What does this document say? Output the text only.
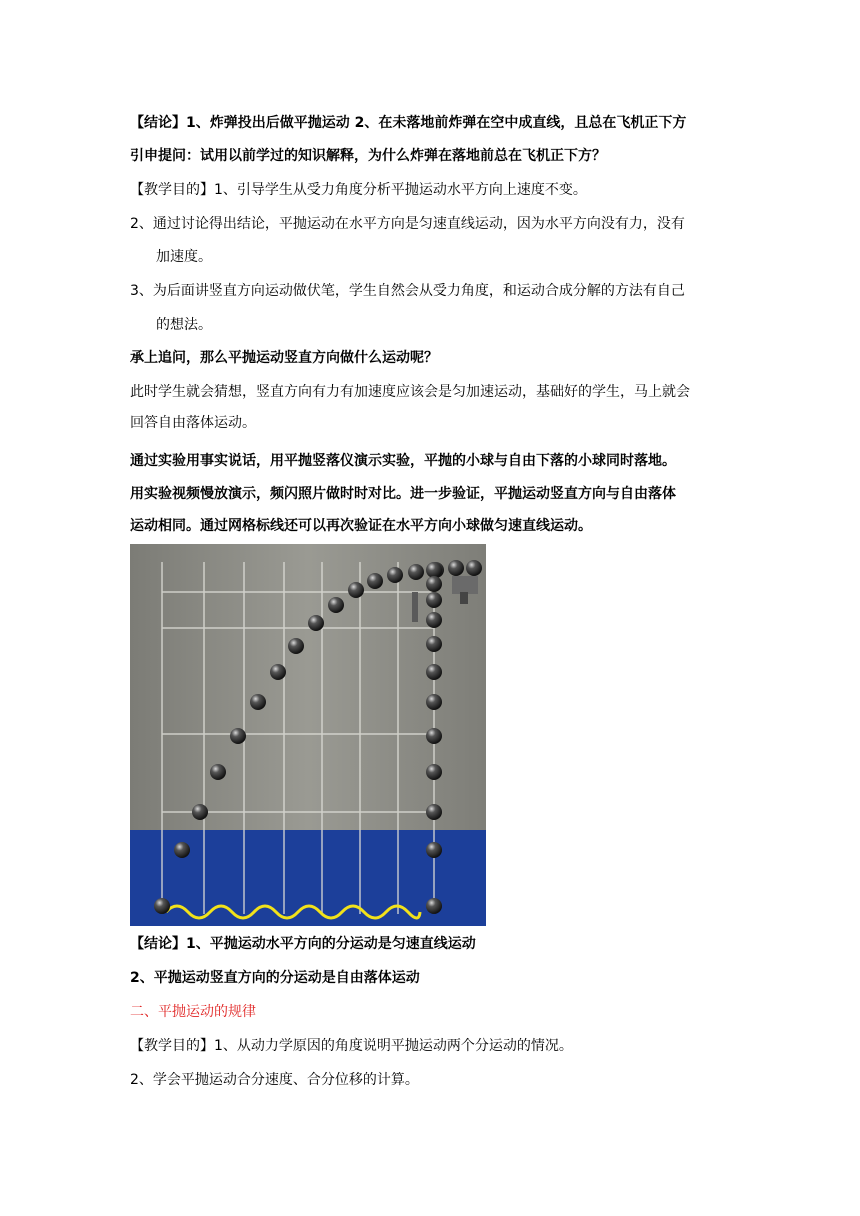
【结论】1、炸弹投出后做平抛运动 2、在未落地前炸弹在空中成直线，且总在飞机正下方
引申提问：试用以前学过的知识解释，为什么炸弹在落地前总在飞机正下方？
【教学目的】1、引导学生从受力角度分析平抛运动水平方向上速度不变。
2、通过讨论得出结论，平抛运动在水平方向是匀速直线运动，因为水平方向没有力，没有
加速度。
3、为后面讲竖直方向运动做伏笔，学生自然会从受力角度，和运动合成分解的方法有自己
的想法。
承上追问，那么平抛运动竖直方向做什么运动呢？
此时学生就会猜想，竖直方向有力有加速度应该会是匀加速运动，基础好的学生，马上就会
回答自由落体运动。
通过实验用事实说话，用平抛竖落仪演示实验，平抛的小球与自由下落的小球同时落地。
用实验视频慢放演示，频闪照片做时时对比。进一步验证，平抛运动竖直方向与自由落体
运动相同。通过网格标线还可以再次验证在水平方向小球做匀速直线运动。
【结论】1、平抛运动水平方向的分运动是匀速直线运动
2、平抛运动竖直方向的分运动是自由落体运动
二、平抛运动的规律
【教学目的】1、从动力学原因的角度说明平抛运动两个分运动的情况。
2、学会平抛运动合分速度、合分位移的计算。
